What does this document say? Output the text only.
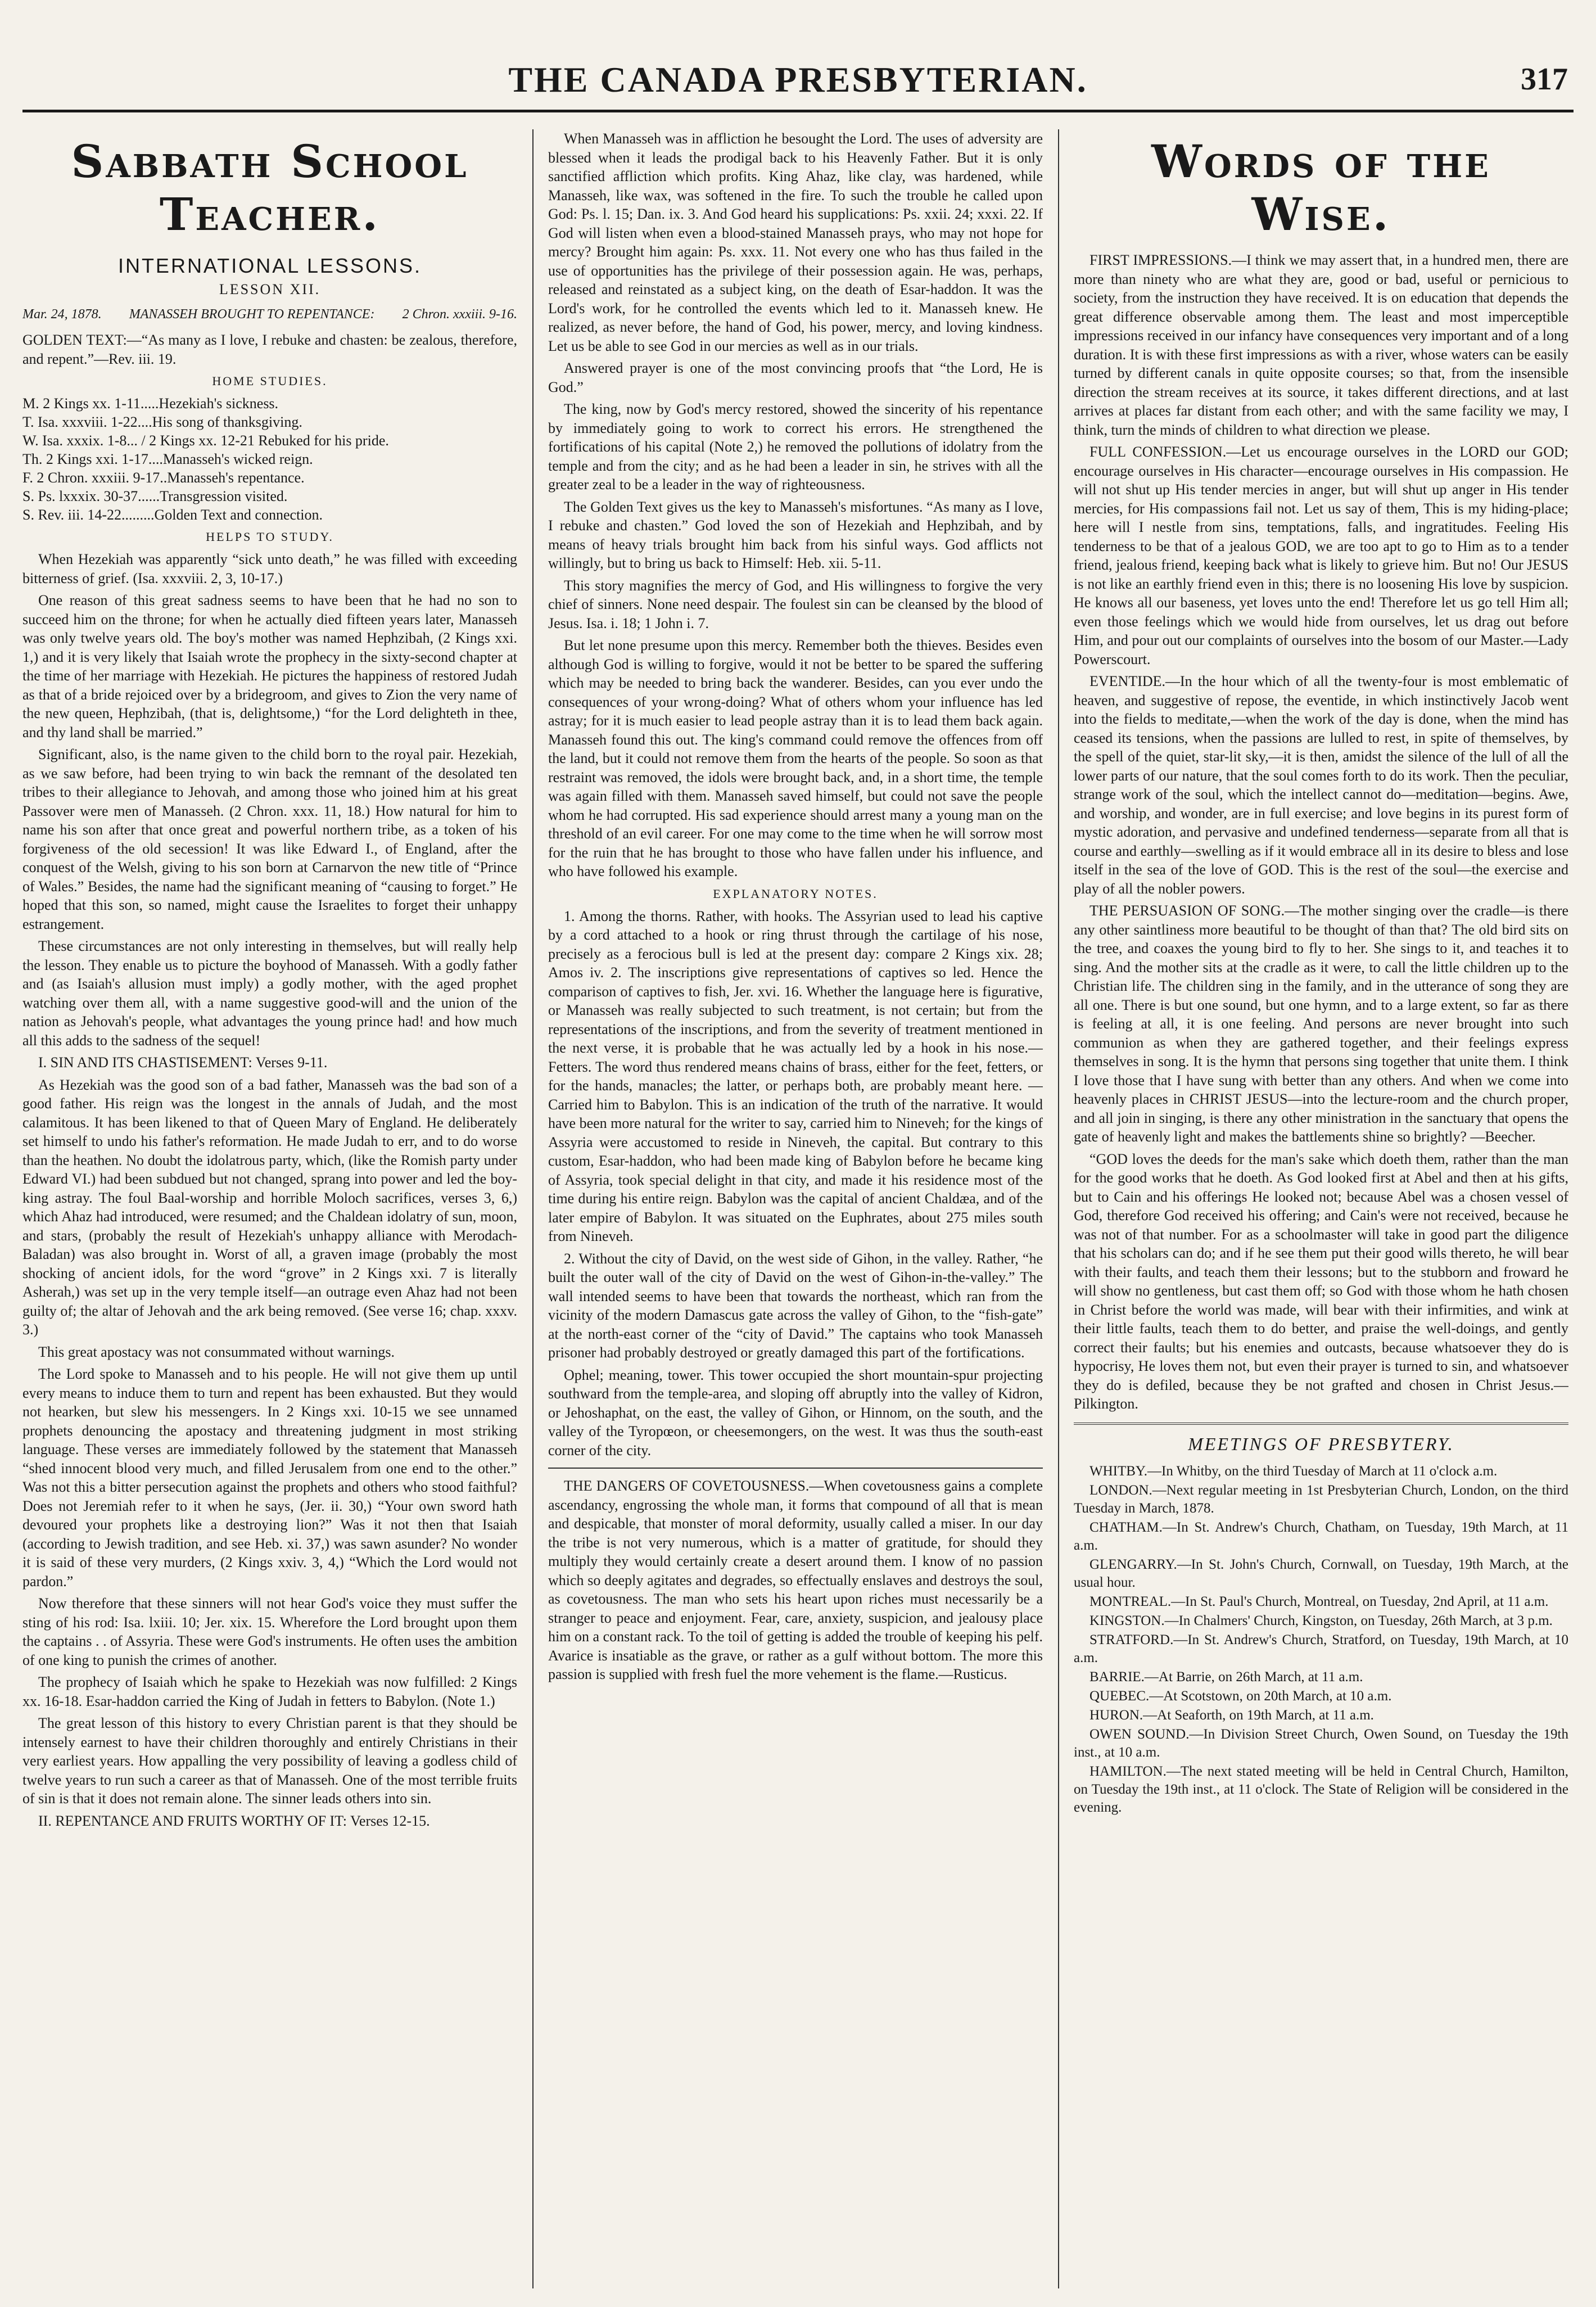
THE CANADA PRESBYTERIAN.	317
Sabbath School Teacher.
INTERNATIONAL LESSONS.
LESSON XII.
Mar. 24, 1878. MANASSEH BROUGHT TO REPENTANCE: 2 Chron. xxxiii. 9-16.

GOLDEN TEXT:—“As many as I love, I rebuke and chasten: be zealous, therefore, and repent.”—Rev. iii. 19.

HOME STUDIES.
M. 2 Kings xx. 1-11.....Hezekiah's sickness.
T. Isa. xxxviii. 1-22....His song of thanksgiving.
W. Isa. xxxix. 1-8... / 2 Kings xx. 12-21 Rebuked for his pride.
Th. 2 Kings xxi. 1-17....Manasseh's wicked reign.
F. 2 Chron. xxxiii. 9-17..Manasseh's repentance.
S. Ps. lxxxix. 30-37......Transgression visited.
S. Rev. iii. 14-22.........Golden Text and connection.
HELPS TO STUDY.

When Hezekiah was apparently “sick unto death,” he was filled with exceeding bitterness of grief. (Isa. xxxviii. 2, 3, 10-17.)

One reason of this great sadness seems to have been that he had no son to succeed him on the throne; for when he actually died fifteen years later, Manasseh was only twelve years old. The boy's mother was named Hephzibah, (2 Kings xxi. 1,) and it is very likely that Isaiah wrote the prophecy in the sixty-second chapter at the time of her marriage with Hezekiah. He pictures the happiness of restored Judah as that of a bride rejoiced over by a bridegroom, and gives to Zion the very name of the new queen, Hephzibah, (that is, delightsome,) “for the Lord delighteth in thee, and thy land shall be married.”

Significant, also, is the name given to the child born to the royal pair. Hezekiah, as we saw before, had been trying to win back the remnant of the desolated ten tribes to their allegiance to Jehovah, and among those who joined him at his great Passover were men of Manasseh. (2 Chron. xxx. 11, 18.) How natural for him to name his son after that once great and powerful northern tribe, as a token of his forgiveness of the old secession! It was like Edward I., of England, after the conquest of the Welsh, giving to his son born at Carnarvon the new title of “Prince of Wales.” Besides, the name had the significant meaning of “causing to forget.” He hoped that this son, so named, might cause the Israelites to forget their unhappy estrangement.

These circumstances are not only interesting in themselves, but will really help the lesson. They enable us to picture the boyhood of Manasseh. With a godly father and (as Isaiah's allusion must imply) a godly mother, with the aged prophet watching over them all, with a name suggestive good-will and the union of the nation as Jehovah's people, what advantages the young prince had! and how much all this adds to the sadness of the sequel!

I. SIN AND ITS CHASTISEMENT: Verses 9-11.

As Hezekiah was the good son of a bad father, Manasseh was the bad son of a good father. His reign was the longest in the annals of Judah, and the most calamitous. It has been likened to that of Queen Mary of England. He deliberately set himself to undo his father's reformation. He made Judah to err, and to do worse than the heathen. No doubt the idolatrous party, which, (like the Romish party under Edward VI.) had been subdued but not changed, sprang into power and led the boy-king astray. The foul Baal-worship and horrible Moloch sacrifices, verses 3, 6,) which Ahaz had introduced, were resumed; and the Chaldean idolatry of sun, moon, and stars, (probably the result of Hezekiah's unhappy alliance with Merodach-Baladan) was also brought in. Worst of all, a graven image (probably the most shocking of ancient idols, for the word “grove” in 2 Kings xxi. 7 is literally Asherah,) was set up in the very temple itself—an outrage even Ahaz had not been guilty of; the altar of Jehovah and the ark being removed. (See verse 16; chap. xxxv. 3.)

This great apostacy was not consummated without warnings.

The Lord spoke to Manasseh and to his people. He will not give them up until every means to induce them to turn and repent has been exhausted. But they would not hearken, but slew his messengers. In 2 Kings xxi. 10-15 we see unnamed prophets denouncing the apostacy and threatening judgment in most striking language. These verses are immediately followed by the statement that Manasseh “shed innocent blood very much, and filled Jerusalem from one end to the other.” Was not this a bitter persecution against the prophets and others who stood faithful? Does not Jeremiah refer to it when he says, (Jer. ii. 30,) “Your own sword hath devoured your prophets like a destroying lion?” Was it not then that Isaiah (according to Jewish tradition, and see Heb. xi. 37,) was sawn asunder? No wonder it is said of these very murders, (2 Kings xxiv. 3, 4,) “Which the Lord would not pardon.”

Now therefore that these sinners will not hear God's voice they must suffer the sting of his rod: Isa. lxiii. 10; Jer. xix. 15. Wherefore the Lord brought upon them the captains . . of Assyria. These were God's instruments. He often uses the ambition of one king to punish the crimes of another.

The prophecy of Isaiah which he spake to Hezekiah was now fulfilled: 2 Kings xx. 16-18. Esar-haddon carried the King of Judah in fetters to Babylon. (Note 1.)

The great lesson of this history to every Christian parent is that they should be intensely earnest to have their children thoroughly and entirely Christians in their very earliest years. How appalling the very possibility of leaving a godless child of twelve years to run such a career as that of Manasseh. One of the most terrible fruits of sin is that it does not remain alone. The sinner leads others into sin.

II. REPENTANCE AND FRUITS WORTHY OF IT: Verses 12-15.

When Manasseh was in affliction he besought the Lord. The uses of adversity are blessed when it leads the prodigal back to his Heavenly Father. But it is only sanctified affliction which profits. King Ahaz, like clay, was hardened, while Manasseh, like wax, was softened in the fire. To such the trouble he called upon God: Ps. l. 15; Dan. ix. 3. And God heard his supplications: Ps. xxii. 24; xxxi. 22. If God will listen when even a blood-stained Manasseh prays, who may not hope for mercy? Brought him again: Ps. xxx. 11. Not every one who has thus failed in the use of opportunities has the privilege of their possession again. He was, perhaps, released and reinstated as a subject king, on the death of Esar-haddon. It was the Lord's work, for he controlled the events which led to it. Manasseh knew. He realized, as never before, the hand of God, his power, mercy, and loving kindness. Let us be able to see God in our mercies as well as in our trials.

Answered prayer is one of the most convincing proofs that “the Lord, He is God.”

The king, now by God's mercy restored, showed the sincerity of his repentance by immediately going to work to correct his errors. He strengthened the fortifications of his capital (Note 2,) he removed the pollutions of idolatry from the temple and from the city; and as he had been a leader in sin, he strives with all the greater zeal to be a leader in the way of righteousness.

The Golden Text gives us the key to Manasseh's misfortunes. “As many as I love, I rebuke and chasten.” God loved the son of Hezekiah and Hephzibah, and by means of heavy trials brought him back from his sinful ways. God afflicts not willingly, but to bring us back to Himself: Heb. xii. 5-11.

This story magnifies the mercy of God, and His willingness to forgive the very chief of sinners. None need despair. The foulest sin can be cleansed by the blood of Jesus. Isa. i. 18; 1 John i. 7.

But let none presume upon this mercy. Remember both the thieves. Besides even although God is willing to forgive, would it not be better to be spared the suffering which may be needed to bring back the wanderer. Besides, can you ever undo the consequences of your wrong-doing? What of others whom your influence has led astray; for it is much easier to lead people astray than it is to lead them back again. Manasseh found this out. The king's command could remove the offences from off the land, but it could not remove them from the hearts of the people. So soon as that restraint was removed, the idols were brought back, and, in a short time, the temple was again filled with them. Manasseh saved himself, but could not save the people whom he had corrupted. His sad experience should arrest many a young man on the threshold of an evil career. For one may come to the time when he will sorrow most for the ruin that he has brought to those who have fallen under his influence, and who have followed his example.

EXPLANATORY NOTES.

1. Among the thorns. Rather, with hooks. The Assyrian used to lead his captive by a cord attached to a hook or ring thrust through the cartilage of his nose, precisely as a ferocious bull is led at the present day: compare 2 Kings xix. 28; Amos iv. 2. The inscriptions give representations of captives so led. Hence the comparison of captives to fish, Jer. xvi. 16. Whether the language here is figurative, or Manasseh was really subjected to such treatment, is not certain; but from the representations of the inscriptions, and from the severity of treatment mentioned in the next verse, it is probable that he was actually led by a hook in his nose.—Fetters. The word thus rendered means chains of brass, either for the feet, fetters, or for the hands, manacles; the latter, or perhaps both, are probably meant here. —Carried him to Babylon. This is an indication of the truth of the narrative. It would have been more natural for the writer to say, carried him to Nineveh; for the kings of Assyria were accustomed to reside in Nineveh, the capital. But contrary to this custom, Esar-haddon, who had been made king of Babylon before he became king of Assyria, took special delight in that city, and made it his residence most of the time during his entire reign. Babylon was the capital of ancient Chaldæa, and of the later empire of Babylon. It was situated on the Euphrates, about 275 miles south from Nineveh.

2. Without the city of David, on the west side of Gihon, in the valley. Rather, “he built the outer wall of the city of David on the west of Gihon-in-the-valley.” The wall intended seems to have been that towards the northeast, which ran from the vicinity of the modern Damascus gate across the valley of Gihon, to the “fish-gate” at the north-east corner of the “city of David.” The captains who took Manasseh prisoner had probably destroyed or greatly damaged this part of the fortifications.

Ophel; meaning, tower. This tower occupied the short mountain-spur projecting southward from the temple-area, and sloping off abruptly into the valley of Kidron, or Jehoshaphat, on the east, the valley of Gihon, or Hinnom, on the south, and the valley of the Tyropœon, or cheesemongers, on the west. It was thus the south-east corner of the city.

THE DANGERS OF COVETOUSNESS.—When covetousness gains a complete ascendancy, engrossing the whole man, it forms that compound of all that is mean and despicable, that monster of moral deformity, usually called a miser. In our day the tribe is not very numerous, which is a matter of gratitude, for should they multiply they would certainly create a desert around them. I know of no passion which so deeply agitates and degrades, so effectually enslaves and destroys the soul, as covetousness. The man who sets his heart upon riches must necessarily be a stranger to peace and enjoyment. Fear, care, anxiety, suspicion, and jealousy place him on a constant rack. To the toil of getting is added the trouble of keeping his pelf. Avarice is insatiable as the grave, or rather as a gulf without bottom. The more this passion is supplied with fresh fuel the more vehement is the flame.—Rusticus.

Words of the Wise.

FIRST IMPRESSIONS.—I think we may assert that, in a hundred men, there are more than ninety who are what they are, good or bad, useful or pernicious to society, from the instruction they have received. It is on education that depends the great difference observable among them. The least and most imperceptible impressions received in our infancy have consequences very important and of a long duration. It is with these first impressions as with a river, whose waters can be easily turned by different canals in quite opposite courses; so that, from the insensible direction the stream receives at its source, it takes different directions, and at last arrives at places far distant from each other; and with the same facility we may, I think, turn the minds of children to what direction we please.

FULL CONFESSION.—Let us encourage ourselves in the LORD our GOD; encourage ourselves in His character—encourage ourselves in His compassion. He will not shut up His tender mercies in anger, but will shut up anger in His tender mercies, for His compassions fail not. Let us say of them, This is my hiding-place; here will I nestle from sins, temptations, falls, and ingratitudes. Feeling His tenderness to be that of a jealous GOD, we are too apt to go to Him as to a tender friend, jealous friend, keeping back what is likely to grieve him. But no! Our JESUS is not like an earthly friend even in this; there is no loosening His love by suspicion. He knows all our baseness, yet loves unto the end! Therefore let us go tell Him all; even those feelings which we would hide from ourselves, let us drag out before Him, and pour out our complaints of ourselves into the bosom of our Master.—Lady Powerscourt.

EVENTIDE.—In the hour which of all the twenty-four is most emblematic of heaven, and suggestive of repose, the eventide, in which instinctively Jacob went into the fields to meditate,—when the work of the day is done, when the mind has ceased its tensions, when the passions are lulled to rest, in spite of themselves, by the spell of the quiet, star-lit sky,—it is then, amidst the silence of the lull of all the lower parts of our nature, that the soul comes forth to do its work. Then the peculiar, strange work of the soul, which the intellect cannot do—meditation—begins. Awe, and worship, and wonder, are in full exercise; and love begins in its purest form of mystic adoration, and pervasive and undefined tenderness—separate from all that is course and earthly—swelling as if it would embrace all in its desire to bless and lose itself in the sea of the love of GOD. This is the rest of the soul—the exercise and play of all the nobler powers.

THE PERSUASION OF SONG.—The mother singing over the cradle—is there any other saintliness more beautiful to be thought of than that? The old bird sits on the tree, and coaxes the young bird to fly to her. She sings to it, and teaches it to sing. And the mother sits at the cradle as it were, to call the little children up to the Christian life. The children sing in the family, and in the utterance of song they are all one. There is but one sound, but one hymn, and to a large extent, so far as there is feeling at all, it is one feeling. And persons are never brought into such communion as when they are gathered together, and their feelings express themselves in song. It is the hymn that persons sing together that unite them. I think I love those that I have sung with better than any others. And when we come into heavenly places in CHRIST JESUS—into the lecture-room and the church proper, and all join in singing, is there any other ministration in the sanctuary that opens the gate of heavenly light and makes the battlements shine so brightly? —Beecher.

“GOD loves the deeds for the man's sake which doeth them, rather than the man for the good works that he doeth. As God looked first at Abel and then at his gifts, but to Cain and his offerings He looked not; because Abel was a chosen vessel of God, therefore God received his offering; and Cain's were not received, because he was not of that number. For as a schoolmaster will take in good part the diligence that his scholars can do; and if he see them put their good wills thereto, he will bear with their faults, and teach them their lessons; but to the stubborn and froward he will show no gentleness, but cast them off; so God with those whom he hath chosen in Christ before the world was made, will bear with their infirmities, and wink at their little faults, teach them to do better, and praise the well-doings, and gently correct their faults; but his enemies and outcasts, because whatsoever they do is hypocrisy, He loves them not, but even their prayer is turned to sin, and whatsoever they do is defiled, because they be not grafted and chosen in Christ Jesus.—Pilkington.

MEETINGS OF PRESBYTERY.
WHITBY.—In Whitby, on the third Tuesday of March at 11 o'clock a.m.
LONDON.—Next regular meeting in 1st Presbyterian Church, London, on the third Tuesday in March, 1878.
CHATHAM.—In St. Andrew's Church, Chatham, on Tuesday, 19th March, at 11 a.m.
GLENGARRY.—In St. John's Church, Cornwall, on Tuesday, 19th March, at the usual hour.
MONTREAL.—In St. Paul's Church, Montreal, on Tuesday, 2nd April, at 11 a.m.
KINGSTON.—In Chalmers' Church, Kingston, on Tuesday, 26th March, at 3 p.m.
STRATFORD.—In St. Andrew's Church, Stratford, on Tuesday, 19th March, at 10 a.m.
BARRIE.—At Barrie, on 26th March, at 11 a.m.
QUEBEC.—At Scotstown, on 20th March, at 10 a.m.
HURON.—At Seaforth, on 19th March, at 11 a.m.
OWEN SOUND.—In Division Street Church, Owen Sound, on Tuesday the 19th inst., at 10 a.m.
HAMILTON.—The next stated meeting will be held in Central Church, Hamilton, on Tuesday the 19th inst., at 11 o'clock. The State of Religion will be considered in the evening.
